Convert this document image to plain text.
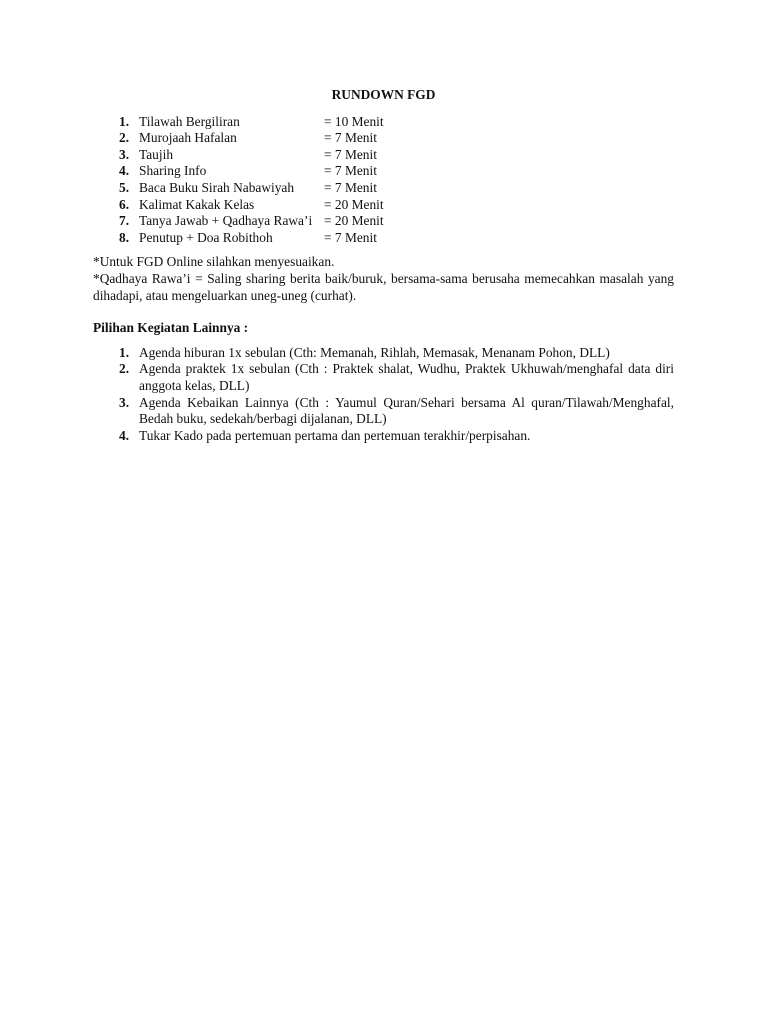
RUNDOWN FGD
1. Tilawah Bergiliran	= 10 Menit
2. Murojaah Hafalan	= 7 Menit
3. Taujih	= 7 Menit
4. Sharing Info	= 7 Menit
5. Baca Buku Sirah Nabawiyah	= 7 Menit
6. Kalimat Kakak Kelas	= 20 Menit
7. Tanya Jawab + Qadhaya Rawa’i = 20 Menit
8. Penutup + Doa Robithoh	= 7 Menit

*Untuk FGD Online silahkan menyesuaikan.

*Qadhaya Rawa’i = Saling sharing berita baik/buruk, bersama-sama berusaha memecahkan masalah yang dihadapi, atau mengeluarkan uneg-uneg (curhat).

Pilihan Kegiatan Lainnya :
1. Agenda hiburan 1x sebulan (Cth: Memanah, Rihlah, Memasak, Menanam Pohon, DLL)
2. Agenda praktek 1x sebulan (Cth : Praktek shalat, Wudhu, Praktek Ukhuwah/menghafal data diri anggota kelas, DLL)
3. Agenda Kebaikan Lainnya (Cth : Yaumul Quran/Sehari bersama Al quran/Tilawah/Menghafal, Bedah buku, sedekah/berbagi dijalanan, DLL)
4. Tukar Kado pada pertemuan pertama dan pertemuan terakhir/perpisahan.
